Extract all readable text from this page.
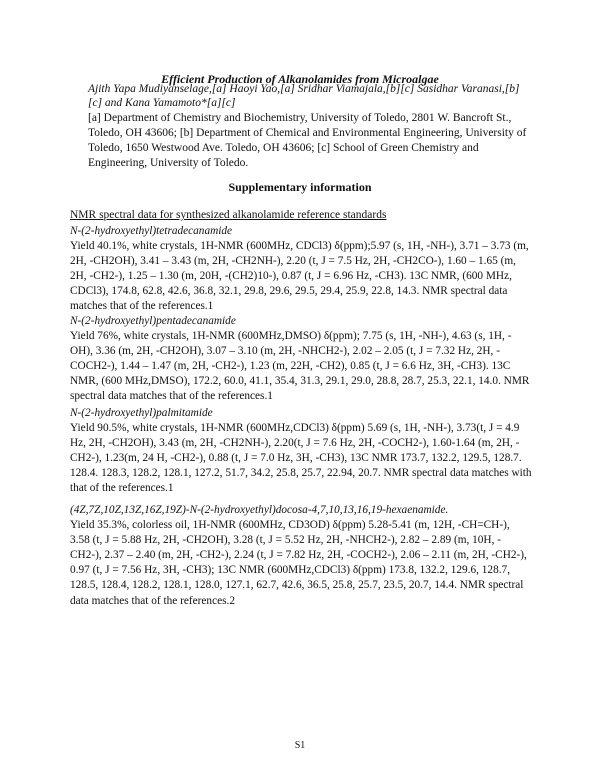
Efficient Production of Alkanolamides from Microalgae
Ajith Yapa Mudiyanselage,[a] Haoyi Yao,[a] Sridhar Viamajala,[b][c] Sasidhar Varanasi,[b][c] and Kana Yamamoto*[a][c]
[a] Department of Chemistry and Biochemistry, University of Toledo, 2801 W. Bancroft St., Toledo, OH 43606; [b] Department of Chemical and Environmental Engineering, University of Toledo, 1650 Westwood Ave. Toledo, OH 43606; [c] School of Green Chemistry and Engineering, University of Toledo.
Supplementary information
NMR spectral data for synthesized alkanolamide reference standards

N-(2-hydroxyethyl)tetradecanamide

Yield 40.1%, white crystals, 1H-NMR (600MHz, CDCl3) δ(ppm);5.97 (s, 1H, -NH-), 3.71 – 3.73 (m, 2H, -CH2OH), 3.41 – 3.43 (m, 2H, -CH2NH-), 2.20 (t, J = 7.5 Hz, 2H, -CH2CO-), 1.60 – 1.65 (m, 2H, -CH2-), 1.25 – 1.30 (m, 20H, -(CH2)10-), 0.87 (t, J = 6.96 Hz, -CH3). 13C NMR, (600 MHz, CDCl3), 174.8, 62.8, 42.6, 36.8, 32.1, 29.8, 29.6, 29.5, 29.4, 25.9, 22.8, 14.3. NMR spectral data matches that of the references.1

N-(2-hydroxyethyl)pentadecanamide

Yield 76%, white crystals, 1H-NMR (600MHz,DMSO) δ(ppm); 7.75 (s, 1H, -NH-), 4.63 (s, 1H, -OH), 3.36 (m, 2H, -CH2OH), 3.07 – 3.10 (m, 2H, -NHCH2-), 2.02 – 2.05 (t, J = 7.32 Hz, 2H, -COCH2-), 1.44 – 1.47 (m, 2H, -CH2-), 1.23 (m, 22H, -CH2), 0.85 (t, J = 6.6 Hz, 3H, -CH3). 13C NMR, (600 MHz,DMSO), 172.2, 60.0, 41.1, 35.4, 31.3, 29.1, 29.0, 28.8, 28.7, 25.3, 22.1, 14.0. NMR spectral data matches that of the references.1

N-(2-hydroxyethyl)palmitamide

Yield 90.5%, white crystals, 1H-NMR (600MHz,CDCl3) δ(ppm) 5.69 (s, 1H, -NH-), 3.73(t, J = 4.9 Hz, 2H, -CH2OH), 3.43 (m, 2H, -CH2NH-), 2.20(t, J = 7.6 Hz, 2H, -COCH2-), 1.60-1.64 (m, 2H, -CH2-), 1.23(m, 24 H, -CH2-), 0.88 (t, J = 7.0 Hz, 3H, -CH3), 13C NMR 173.7, 132.2, 129.5, 128.7. 128.4. 128.3, 128.2, 128.1, 127.2, 51.7, 34.2, 25.8, 25.7, 22.94, 20.7. NMR spectral data matches with that of the references.1

(4Z,7Z,10Z,13Z,16Z,19Z)-N-(2-hydroxyethyl)docosa-4,7,10,13,16,19-hexaenamide.

Yield 35.3%, colorless oil, 1H-NMR (600MHz, CD3OD) δ(ppm) 5.28-5.41 (m, 12H, -CH=CH-), 3.58 (t, J = 5.88 Hz, 2H, -CH2OH), 3.28 (t, J = 5.52 Hz, 2H, -NHCH2-), 2.82 – 2.89 (m, 10H, -CH2-), 2.37 – 2.40 (m, 2H, -CH2-), 2.24 (t, J = 7.82 Hz, 2H, -COCH2-), 2.06 – 2.11 (m, 2H, -CH2-), 0.97 (t, J = 7.56 Hz, 3H, -CH3); 13C NMR (600MHz,CDCl3) δ(ppm) 173.8, 132.2, 129.6, 128.7, 128.5, 128.4, 128.2, 128.1, 128.0, 127.1, 62.7, 42.6, 36.5, 25.8, 25.7, 23.5, 20.7, 14.4. NMR spectral data matches that of the references.2

S1
